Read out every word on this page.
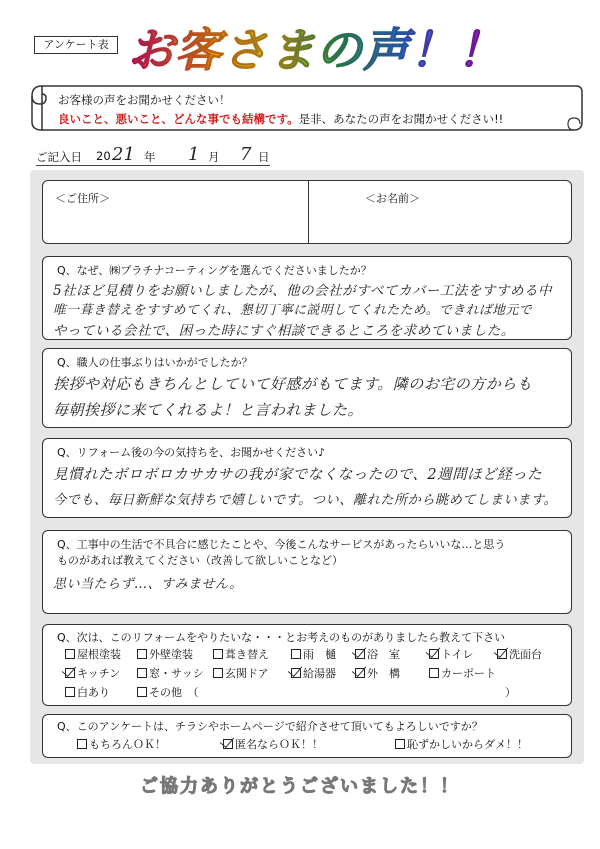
アンケート表 お客さまの声！！
お客様の声をお聞かせください！
良いこと、悪いこと、どんな事でも結構です。是非、あなたの声をお聞かせください!!
ご記入日 20 21 年 1 月 7 日
＜ご住所＞	＜お名前＞
Q、なぜ、㈱プラチナコーティングを選んでくださいましたか？
5社ほど見積りをお願いしましたが、他の会社がすべてカバー工法をすすめる中
唯一葺き替えをすすめてくれ、懇切丁寧に説明してくれたため。できれば地元で
やっている会社で、困った時にすぐ相談できるところを求めていました。
Q、職人の仕事ぶりはいかがでしたか？
挨拶や対応もきちんとしていて好感がもてます。隣のお宅の方からも
毎朝挨拶に来てくれるよ！と言われました。
Q、リフォーム後の今の気持ちを、お聞かせください♪
見慣れたボロボロカサカサの我が家でなくなったので、2週間ほど経った
今でも、毎日新鮮な気持ちで嬉しいです。つい、離れた所から眺めてしまいます。
Q、工事中の生活で不具合に感じたことや、今後こんなサービスがあったらいいな…と思う
ものがあれば教えてください（改善して欲しいことなど）
思い当たらず…、すみません。
Q、次は、このリフォームをやりたいな・・・とお考えのものがありましたら教えて下さい
屋根塗装	外壁塗装	葺き替え	雨　樋	浴　室	トイレ	洗面台
キッチン	窓・サッシ	玄関ドア	給湯器	外　構	カーポート
白あり	その他　（	）
Q、このアンケートは、チラシやホームページで紹介させて頂いてもよろしいですか？
もちろんＯＫ！	匿名ならＯＫ！！	恥ずかしいからダメ！！
ご協力ありがとうございました！！
